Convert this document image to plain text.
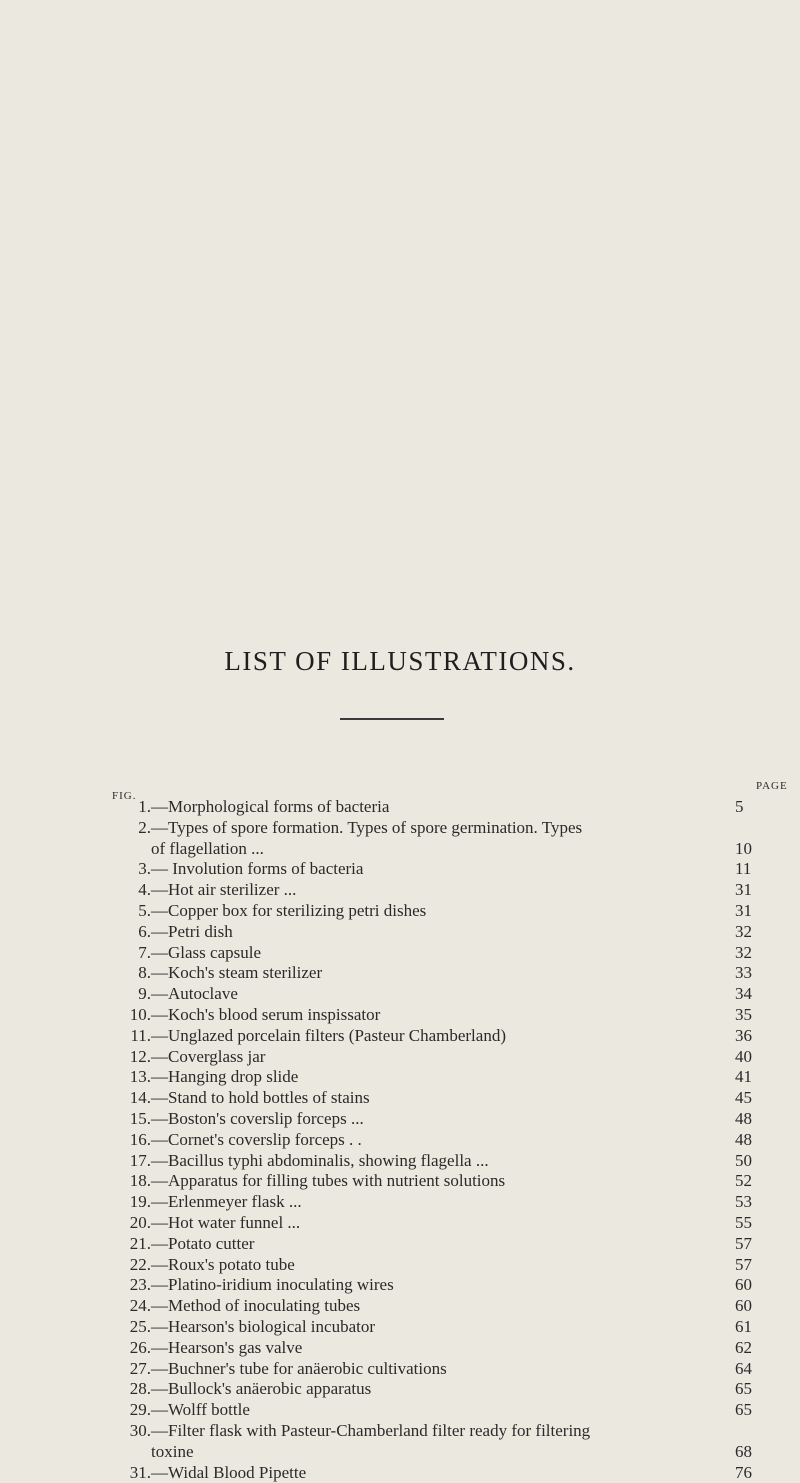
LIST OF ILLUSTRATIONS.
FIG.
PAGE
1.—Morphological forms of bacteria	5
2.—Types of spore formation. Types of spore germination. Types
of flagellation ...	10
3.— Involution forms of bacteria	11
4.—Hot air sterilizer ...	31
5.—Copper box for sterilizing petri dishes	31
6.—Petri dish	32
7.—Glass capsule	32
8.—Koch's steam sterilizer	33
9.—Autoclave	34
10.—Koch's blood serum inspissator	35
11.—Unglazed porcelain filters (Pasteur Chamberland)	36
12.—Coverglass jar	40
13.—Hanging drop slide	41
14.—Stand to hold bottles of stains	45
15.—Boston's coverslip forceps ...	48
16.—Cornet's coverslip forceps . .	48
17.—Bacillus typhi abdominalis, showing flagella ...	50
18.—Apparatus for filling tubes with nutrient solutions	52
19.—Erlenmeyer flask ...	53
20.—Hot water funnel ...	55
21.—Potato cutter	57
22.—Roux's potato tube	57
23.—Platino-iridium inoculating wires	60
24.—Method of inoculating tubes	60
25.—Hearson's biological incubator	61
26.—Hearson's gas valve	62
27.—Buchner's tube for anäerobic cultivations	64
28.—Bullock's anäerobic apparatus	65
29.—Wolff bottle	65
30.—Filter flask with Pasteur-Chamberland filter ready for filtering
toxine	68
31.—Widal Blood Pipette	76
